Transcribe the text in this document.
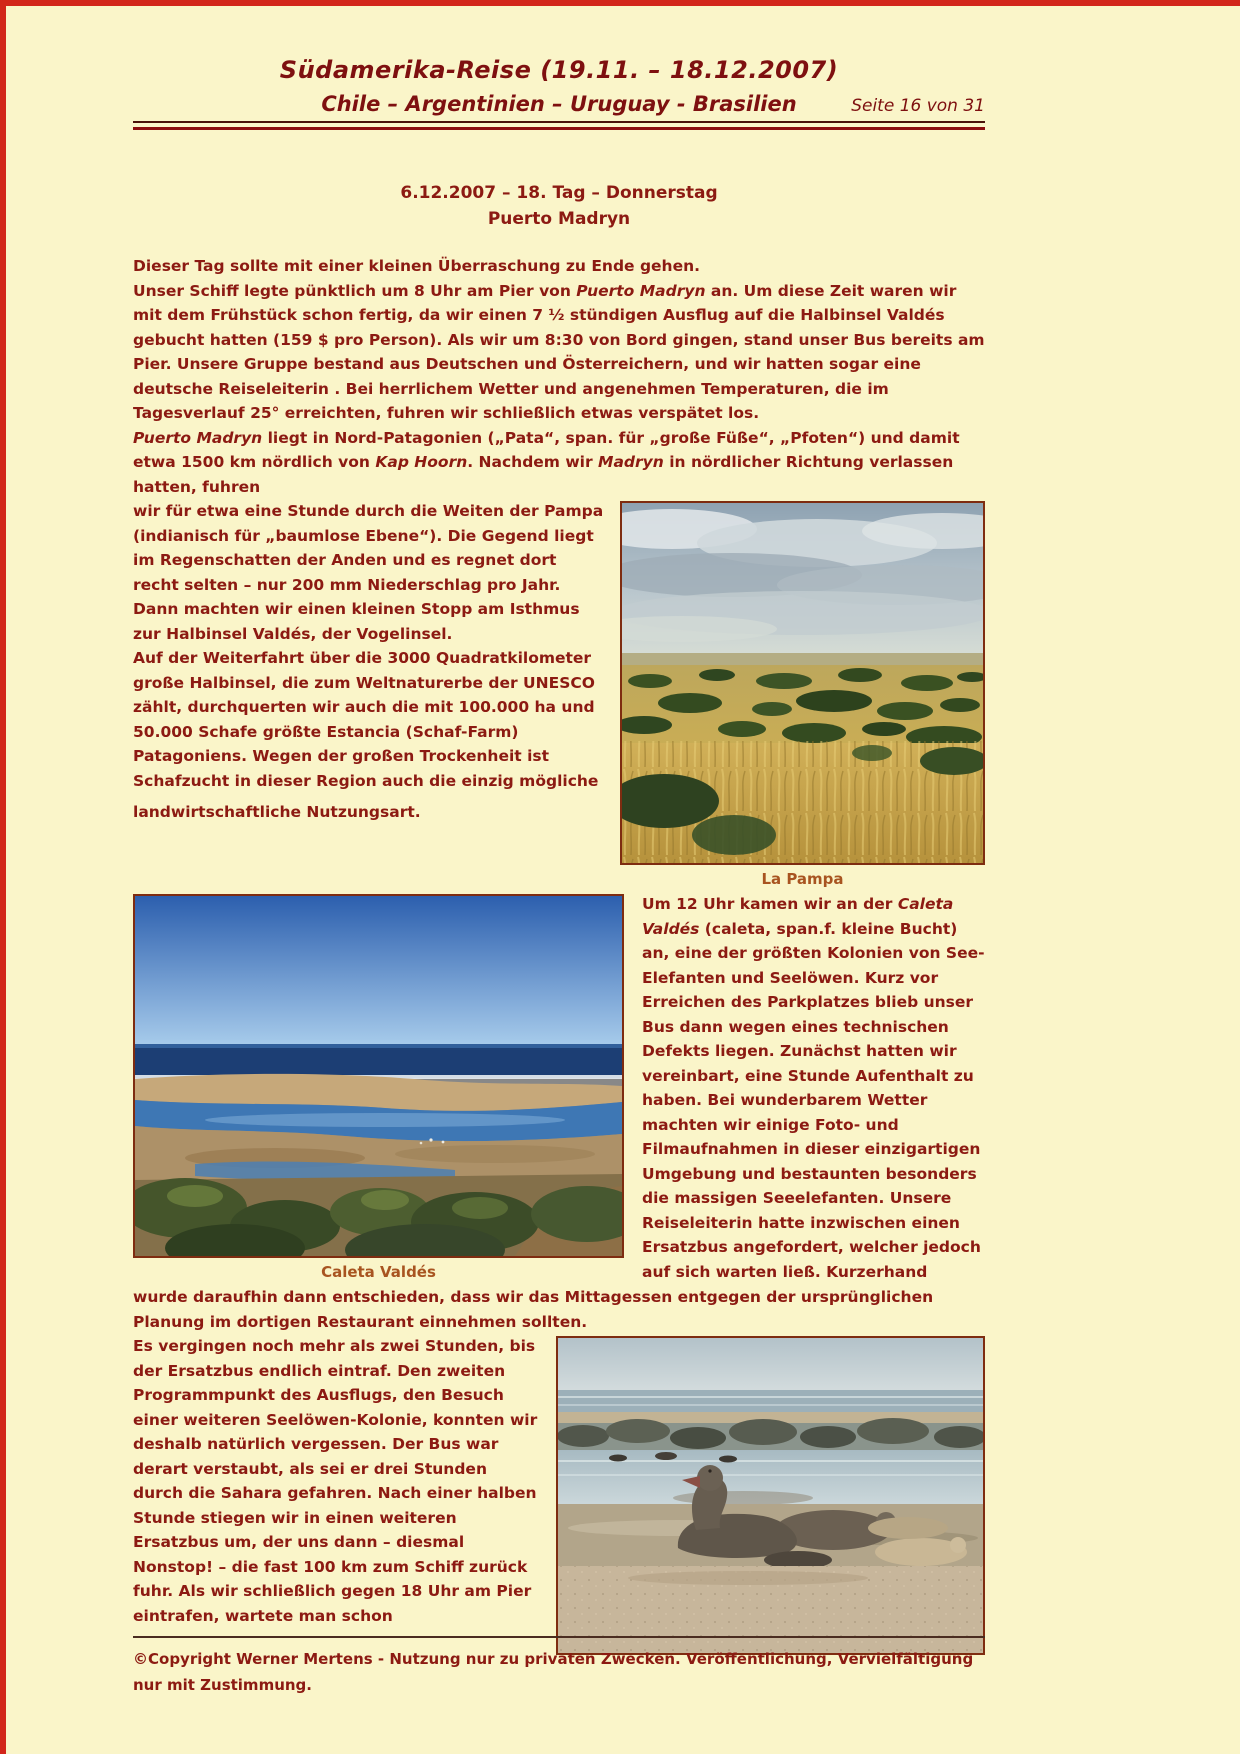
Südamerika-Reise (19.11. – 18.12.2007)
Chile – Argentinien – Uruguay - Brasilien	Seite 16 von 31
6.12.2007 – 18. Tag – Donnerstag
Puerto Madryn

Dieser Tag sollte mit einer kleinen Überraschung zu Ende gehen.

Unser Schiff legte pünktlich um 8 Uhr am Pier von Puerto Madryn an. Um diese Zeit waren wir mit dem Frühstück schon fertig, da wir einen 7 ½ stündigen Ausflug auf die Halbinsel Valdés gebucht hatten (159 $ pro Person). Als wir um 8:30 von Bord gingen, stand unser Bus bereits am Pier. Unsere Gruppe bestand aus Deutschen und Österreichern, und wir hatten sogar eine deutsche Reiseleiterin . Bei herrlichem Wetter und angenehmen Temperaturen, die im Tagesverlauf 25° erreichten, fuhren wir schließlich etwas verspätet los.

Puerto Madryn liegt in Nord-Patagonien („Pata“, span. für „große Füße“, „Pfoten“) und damit etwa 1500 km nördlich von Kap Hoorn. Nachdem wir Madryn in nördlicher Richtung verlassen hatten, fuhren

La Pampa

wir für etwa eine Stunde durch die Weiten der Pampa (indianisch für „baumlose Ebene“). Die Gegend liegt im Regenschatten der Anden und es regnet dort recht selten – nur 200 mm Niederschlag pro Jahr. Dann machten wir einen kleinen Stopp am Isthmus zur Halbinsel Valdés, der Vogelinsel.

Auf der Weiterfahrt über die 3000 Quadratkilometer große Halbinsel, die zum Weltnaturerbe der UNESCO zählt, durchquerten wir auch die mit 100.000 ha und 50.000 Schafe größte Estancia (Schaf-Farm) Patagoniens. Wegen der großen Trockenheit ist Schafzucht in dieser Region auch die einzig mögliche

landwirtschaftliche Nutzungsart.

Caleta Valdés

Um 12 Uhr kamen wir an der Caleta Valdés (caleta, span.f. kleine Bucht) an, eine der größten Kolonien von See-Elefanten und Seelöwen. Kurz vor Erreichen des Parkplatzes blieb unser Bus dann wegen eines technischen Defekts liegen. Zunächst hatten wir vereinbart, eine Stunde Aufenthalt zu haben. Bei wunderbarem Wetter machten wir einige Foto- und Filmaufnahmen in dieser einzigartigen Umgebung und bestaunten besonders die massigen Seeelefanten. Unsere Reiseleiterin hatte inzwischen einen Ersatzbus angefordert, welcher jedoch auf sich warten ließ. Kurzerhand

wurde daraufhin dann entschieden, dass wir das Mittagessen entgegen der ursprünglichen Planung im dortigen Restaurant einnehmen sollten.

Es vergingen noch mehr als zwei Stunden, bis der Ersatzbus endlich eintraf. Den zweiten Programmpunkt des Ausflugs, den Besuch einer weiteren Seelöwen-Kolonie, konnten wir deshalb natürlich vergessen. Der Bus war derart verstaubt, als sei er drei Stunden durch die Sahara gefahren. Nach einer halben Stunde stiegen wir in einen weiteren Ersatzbus um, der uns dann – diesmal Nonstop! – die fast 100 km zum Schiff zurück fuhr. Als wir schließlich gegen 18 Uhr am Pier eintrafen, wartete man schon

©Copyright Werner Mertens - Nutzung nur zu privaten Zwecken. Veröffentlichung, Vervielfältigung nur mit Zustimmung.
